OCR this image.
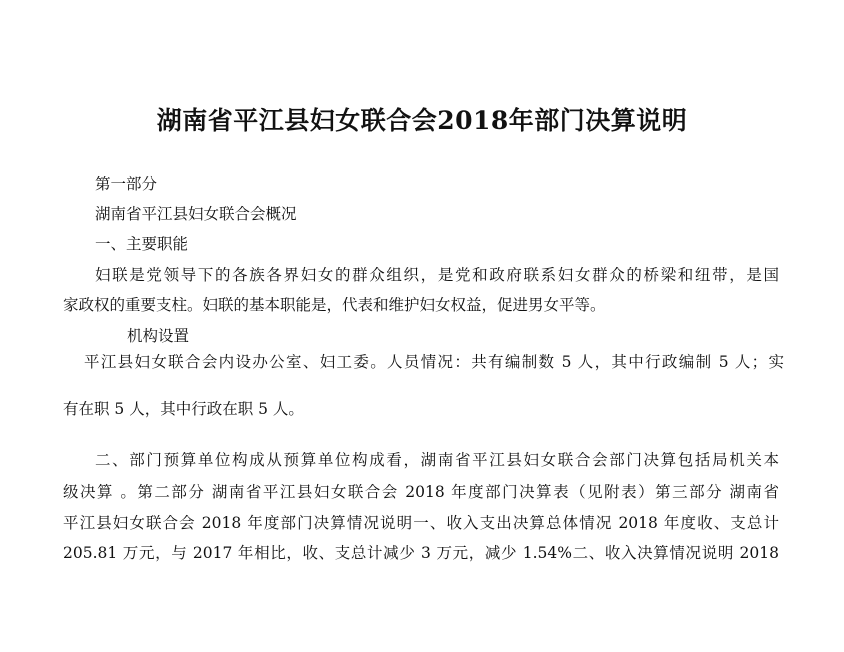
湖南省平江县妇女联合会2018年部门决算说明
第一部分
湖南省平江县妇女联合会概况
一、主要职能
妇联是党领导下的各族各界妇女的群众组织，是党和政府联系妇女群众的桥梁和纽带，是国
家政权的重要支柱。妇联的基本职能是，代表和维护妇女权益，促进男女平等。
机构设置
平江县妇女联合会内设办公室、妇工委。人员情况：共有编制数 5 人，其中行政编制 5 人；实
有在职 5 人，其中行政在职 5 人。
二、部门预算单位构成从预算单位构成看，湖南省平江县妇女联合会部门决算包括局机关本
级决算 。第二部分 湖南省平江县妇女联合会 2018 年度部门决算表（见附表）第三部分 湖南省
平江县妇女联合会 2018 年度部门决算情况说明一、收入支出决算总体情况 2018 年度收、支总计
205.81 万元，与 2017 年相比，收、支总计减少 3 万元，减少 1.54%二、收入决算情况说明 2018
